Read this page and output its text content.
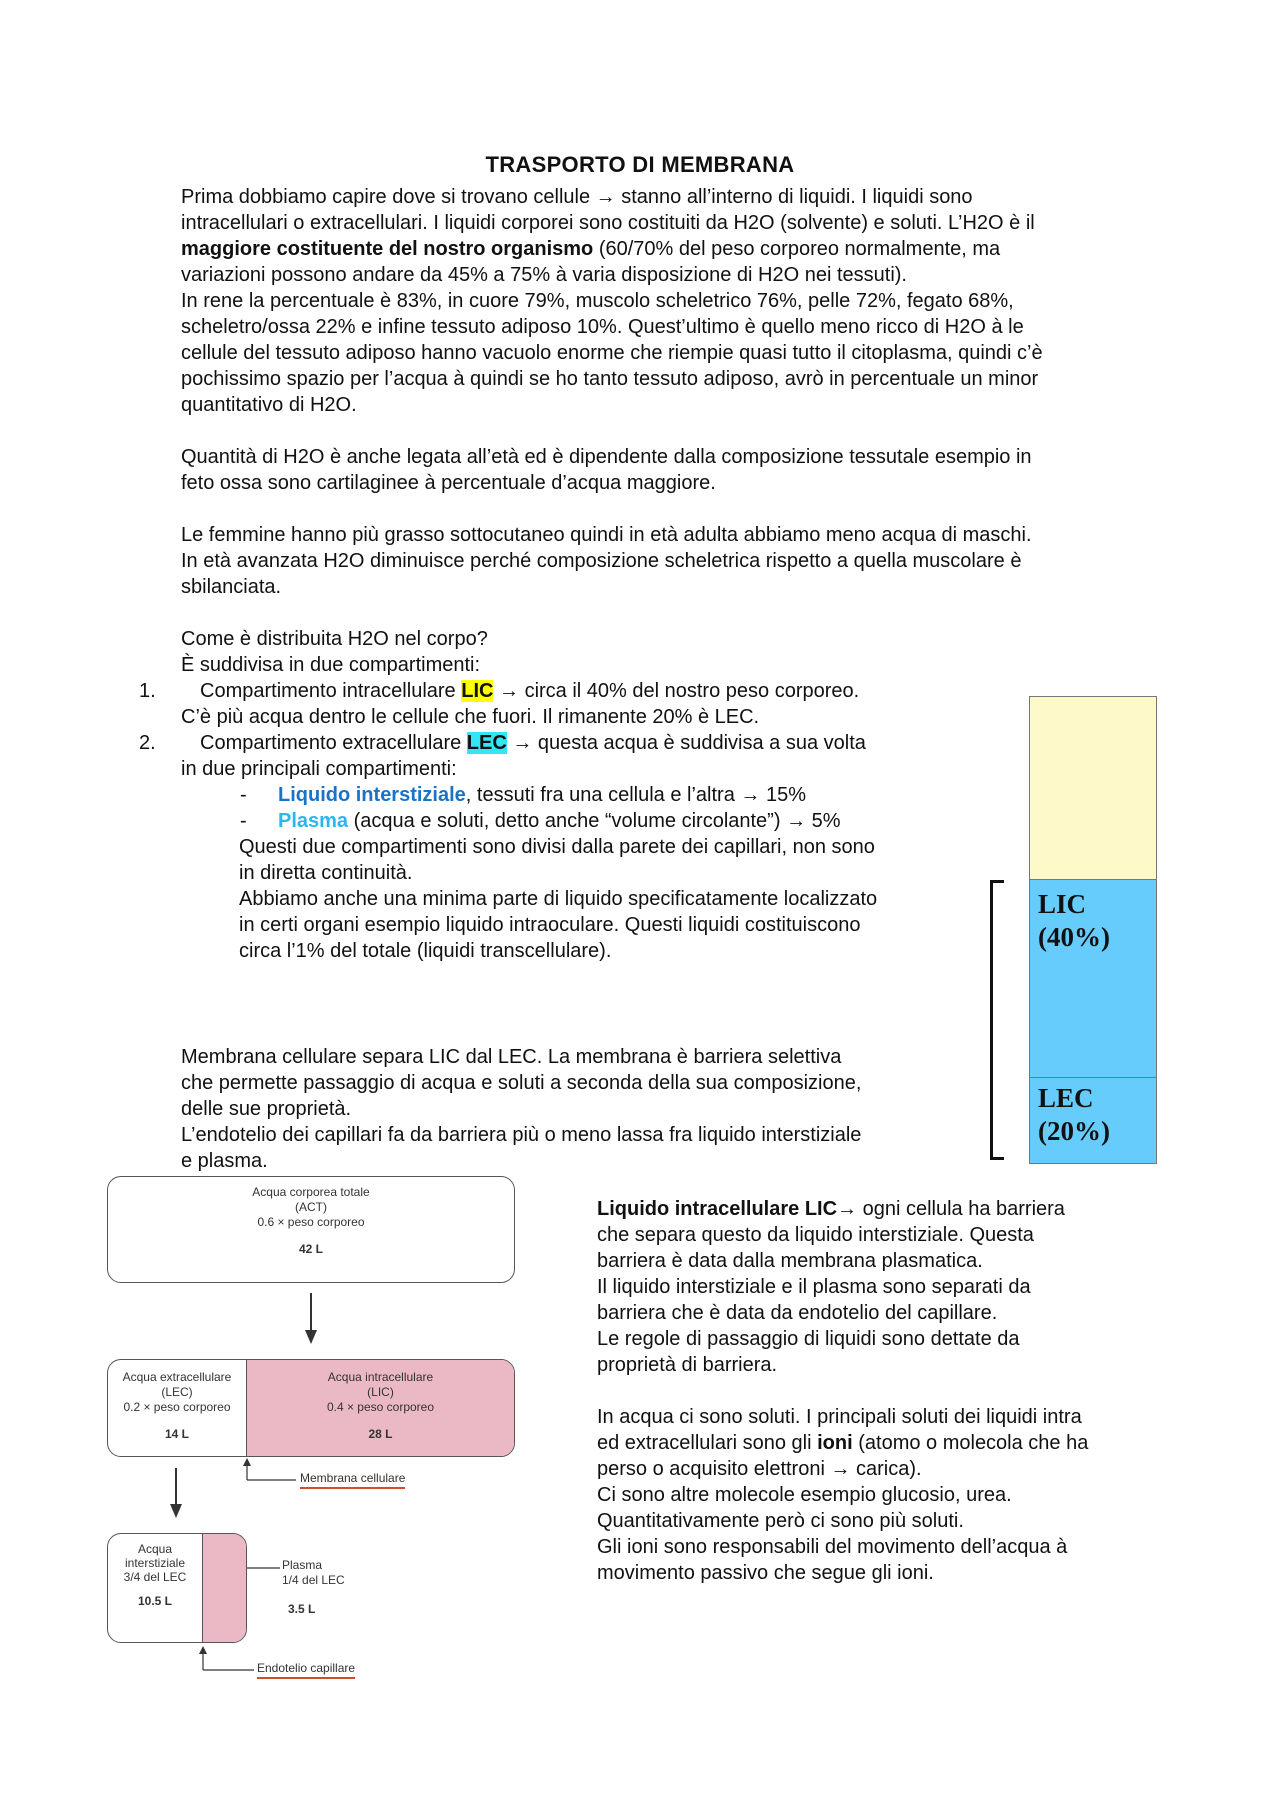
TRASPORTO DI MEMBRANA

Prima dobbiamo capire dove si trovano cellule → stanno all’interno di liquidi. I liquidi sono

intracellulari o extracellulari. I liquidi corporei sono costituiti da H2O (solvente) e soluti. L’H2O è il

maggiore costituente del nostro organismo (60/70% del peso corporeo normalmente, ma

variazioni possono andare da 45% a 75% à varia disposizione di H2O nei tessuti).

In rene la percentuale è 83%, in cuore 79%, muscolo scheletrico 76%, pelle 72%, fegato 68%,

scheletro/ossa 22% e infine tessuto adiposo 10%. Quest’ultimo è quello meno ricco di H2O à le

cellule del tessuto adiposo hanno vacuolo enorme che riempie quasi tutto il citoplasma, quindi c’è

pochissimo spazio per l’acqua à quindi se ho tanto tessuto adiposo, avrò in percentuale un minor

quantitativo di H2O.

Quantità di H2O è anche legata all’età ed è dipendente dalla composizione tessutale esempio in

feto ossa sono cartilaginee à percentuale d’acqua maggiore.

Le femmine hanno più grasso sottocutaneo quindi in età adulta abbiamo meno acqua di maschi.

In età avanzata H2O diminuisce perché composizione scheletrica rispetto a quella muscolare è

sbilanciata.

Come è distribuita H2O nel corpo?

È suddivisa in due compartimenti:

1. Compartimento intracellulare LIC → circa il 40% del nostro peso corporeo.

C’è più acqua dentro le cellule che fuori. Il rimanente 20% è LEC.

2. Compartimento extracellulare LEC → questa acqua è suddivisa a sua volta

in due principali compartimenti:

- Liquido interstiziale, tessuti fra una cellula e l’altra → 15%

- Plasma (acqua e soluti, detto anche “volume circolante”) → 5%

Questi due compartimenti sono divisi dalla parete dei capillari, non sono

in diretta continuità.

Abbiamo anche una minima parte di liquido specificatamente localizzato

in certi organi esempio liquido intraoculare. Questi liquidi costituiscono

circa l’1% del totale (liquidi transcellulare).

Membrana cellulare separa LIC dal LEC. La membrana è barriera selettiva

che permette passaggio di acqua e soluti a seconda della sua composizione,

delle sue proprietà.

L’endotelio dei capillari fa da barriera più o meno lassa fra liquido interstiziale

e plasma.

LIC
(40%)
LEC
(20%)
Acqua corporea totale
(ACT)
0.6 × peso corporeo
42 L
Acqua extracellulare
(LEC)
0.2 × peso corporeo
14 L
Acqua intracellulare
(LIC)
0.4 × peso corporeo
28 L
Membrana cellulare
Acqua
interstiziale
3/4 del LEC
10.5 L
Plasma
1/4 del LEC
3.5 L
Endotelio capillare

Liquido intracellulare LIC→ ogni cellula ha barriera

che separa questo da liquido interstiziale. Questa

barriera è data dalla membrana plasmatica.

Il liquido interstiziale e il plasma sono separati da

barriera che è data da endotelio del capillare.

Le regole di passaggio di liquidi sono dettate da

proprietà di barriera.

In acqua ci sono soluti. I principali soluti dei liquidi intra

ed extracellulari sono gli ioni (atomo o molecola che ha

perso o acquisito elettroni → carica).

Ci sono altre molecole esempio glucosio, urea.

Quantitativamente però ci sono più soluti.

Gli ioni sono responsabili del movimento dell’acqua à

movimento passivo che segue gli ioni.
